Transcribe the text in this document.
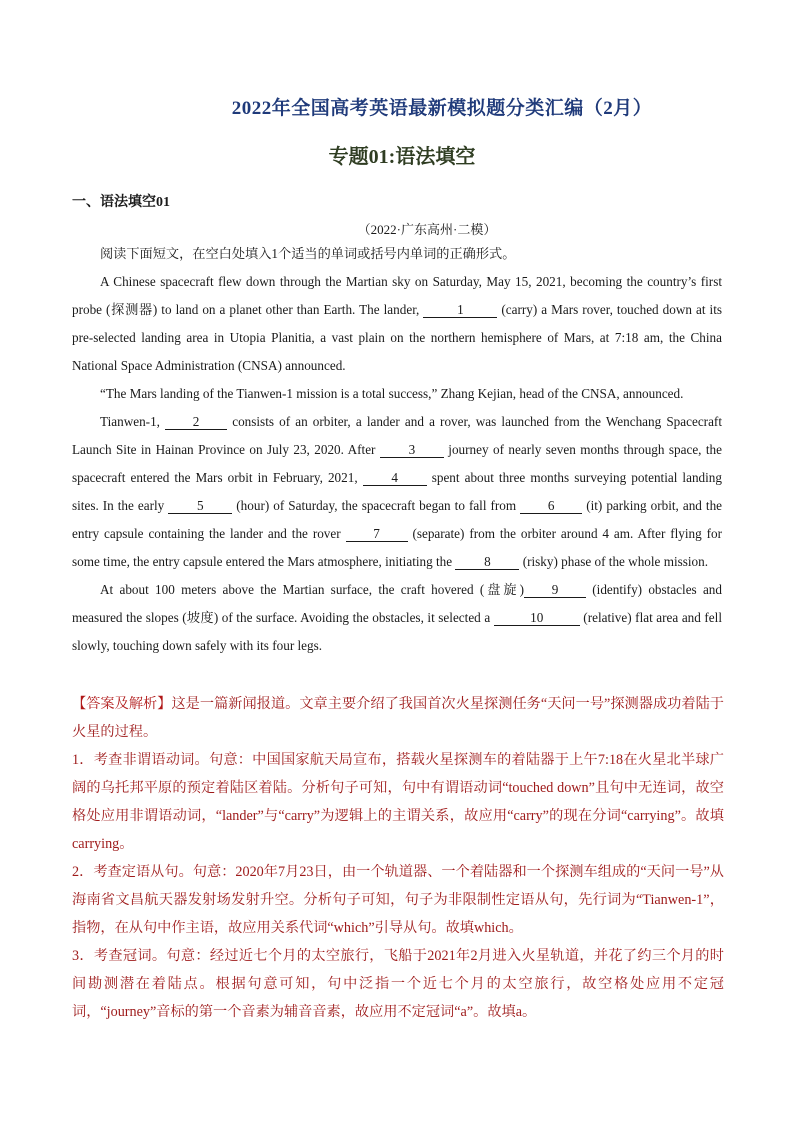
2022年全国高考英语最新模拟题分类汇编（2月）
专题01:语法填空
一、语法填空01
（2022·广东高州·二模）

阅读下面短文，在空白处填入1个适当的单词或括号内单词的正确形式。

A Chinese spacecraft flew down through the Martian sky on Saturday, May 15, 2021, becoming the country’s first probe (探测器) to land on a planet other than Earth. The lander,	1	(carry) a Mars rover, touched down at its pre-selected landing area in Utopia Planitia, a vast plain on the northern hemisphere of Mars, at 7:18 am, the China National Space Administration (CNSA) announced.

“The Mars landing of the Tianwen-1 mission is a total success,” Zhang Kejian, head of the CNSA, announced.

Tianwen-1, 2 consists of an orbiter, a lander and a rover, was launched from the Wenchang Spacecraft Launch Site in Hainan Province on July 23, 2020. After 3 journey of nearly seven months through space, the spacecraft entered the Mars orbit in February, 2021, 4 spent about three months surveying potential landing sites. In the early 5 (hour) of Saturday, the spacecraft began to fall from 6 (it) parking orbit, and the entry capsule containing the lander and the rover 7 (separate) from the orbiter around 4 am. After flying for some time, the entry capsule entered the Mars atmosphere, initiating the 8 (risky) phase of the whole mission.

At about 100 meters above the Martian surface, the craft hovered (盘旋) 9 (identify) obstacles and measured the slopes (坡度) of the surface. Avoiding the obstacles, it selected a	10	(relative) flat area and fell slowly, touching down safely with its four legs.

【答案及解析】这是一篇新闻报道。文章主要介绍了我国首次火星探测任务“天问一号”探测器成功着陆于火星的过程。

1．考查非谓语动词。句意：中国国家航天局宣布，搭载火星探测车的着陆器于上午7:18在火星北半球广阔的乌托邦平原的预定着陆区着陆。分析句子可知，句中有谓语动词“touched down”且句中无连词，故空格处应用非谓语动词，“lander”与“carry”为逻辑上的主谓关系，故应用“carry”的现在分词“carrying”。故填carrying。

2．考查定语从句。句意：2020年7月23日，由一个轨道器、一个着陆器和一个探测车组成的“天问一号”从海南省文昌航天器发射场发射升空。分析句子可知，句子为非限制性定语从句，先行词为“Tianwen-1”，指物，在从句中作主语，故应用关系代词“which”引导从句。故填which。

3．考查冠词。句意：经过近七个月的太空旅行，飞船于2021年2月进入火星轨道，并花了约三个月的时间勘测潜在着陆点。根据句意可知，句中泛指一个近七个月的太空旅行，故空格处应用不定冠词，“journey”音标的第一个音素为辅音音素，故应用不定冠词“a”。故填a。
